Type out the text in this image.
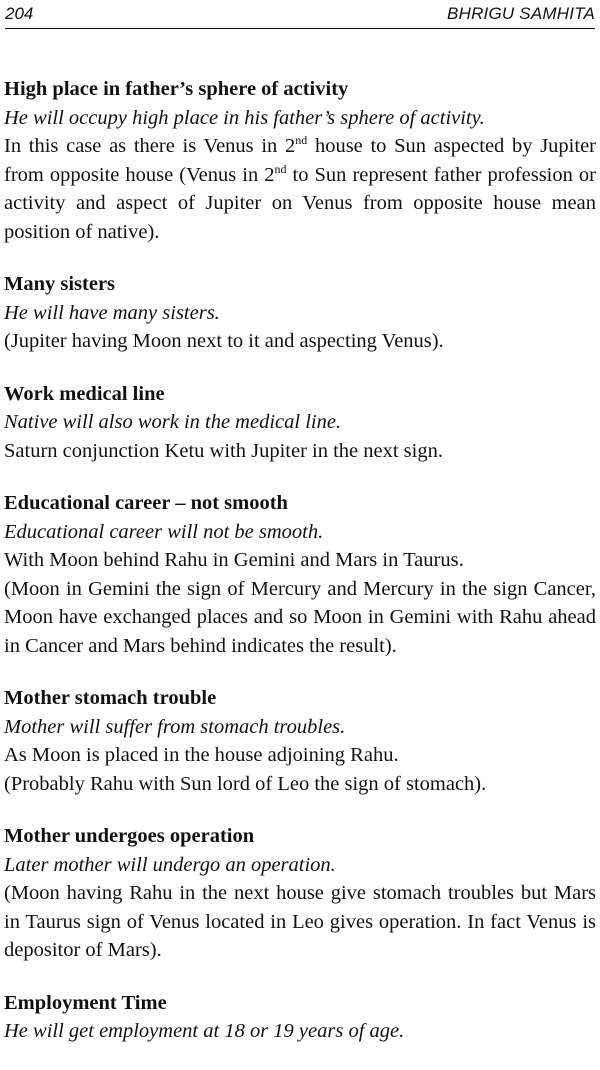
204	BHRIGU SAMHITA

High place in father’s sphere of activity

He will occupy high place in his father’s sphere of activity.

In this case as there is Venus in 2nd house to Sun aspected by Jupiter from opposite house (Venus in 2nd to Sun represent father profession or activity and aspect of Jupiter on Venus from opposite house mean position of native).

Many sisters

He will have many sisters.

(Jupiter having Moon next to it and aspecting Venus).

Work medical line

Native will also work in the medical line.

Saturn conjunction Ketu with Jupiter in the next sign.

Educational career – not smooth

Educational career will not be smooth.

With Moon behind Rahu in Gemini and Mars in Taurus.

(Moon in Gemini the sign of Mercury and Mercury in the sign Cancer, Moon have exchanged places and so Moon in Gemini with Rahu ahead in Cancer and Mars behind indicates the result).

Mother stomach trouble

Mother will suffer from stomach troubles.

As Moon is placed in the house adjoining Rahu.

(Probably Rahu with Sun lord of Leo the sign of stomach).

Mother undergoes operation

Later mother will undergo an operation.

(Moon having Rahu in the next house give stomach troubles but Mars in Taurus sign of Venus located in Leo gives operation. In fact Venus is depositor of Mars).

Employment Time

He will get employment at 18 or 19 years of age.
